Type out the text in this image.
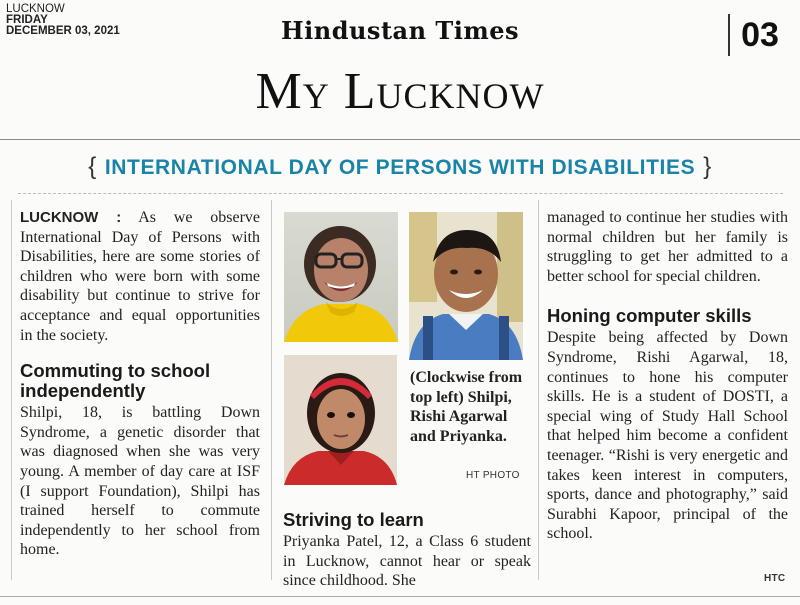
LUCKNOW
FRIDAY
DECEMBER 03, 2021	Hindustan Times	03
My Lucknow
{ INTERNATIONAL DAY OF PERSONS WITH DISABILITIES }

LUCKNOW : As we observe International Day of Persons with Disabilities, here are some stories of children who were born with some disability but continue to strive for acceptance and equal opportunities in the society.

Commuting to school independently

Shilpi, 18, is battling Down Syndrome, a genetic disorder that was diagnosed when she was very young. A member of day care at ISF (I support Foundation), Shilpi has trained herself to commute independently to her school from home.

(Clockwise from top left) Shilpi, Rishi Agarwal and Priyanka.
HT PHOTO
Striving to learn

Priyanka Patel, 12, a Class 6 student in Lucknow, cannot hear or speak since childhood. She

managed to continue her studies with normal children but her family is struggling to get her admitted to a better school for special children.

Honing computer skills

Despite being affected by Down Syndrome, Rishi Agarwal, 18, continues to hone his computer skills. He is a student of DOSTI, a special wing of Study Hall School that helped him become a confident teenager. “Rishi is very energetic and takes keen interest in computers, sports, dance and photography,” said Surabhi Kapoor, principal of the school.

HTC
